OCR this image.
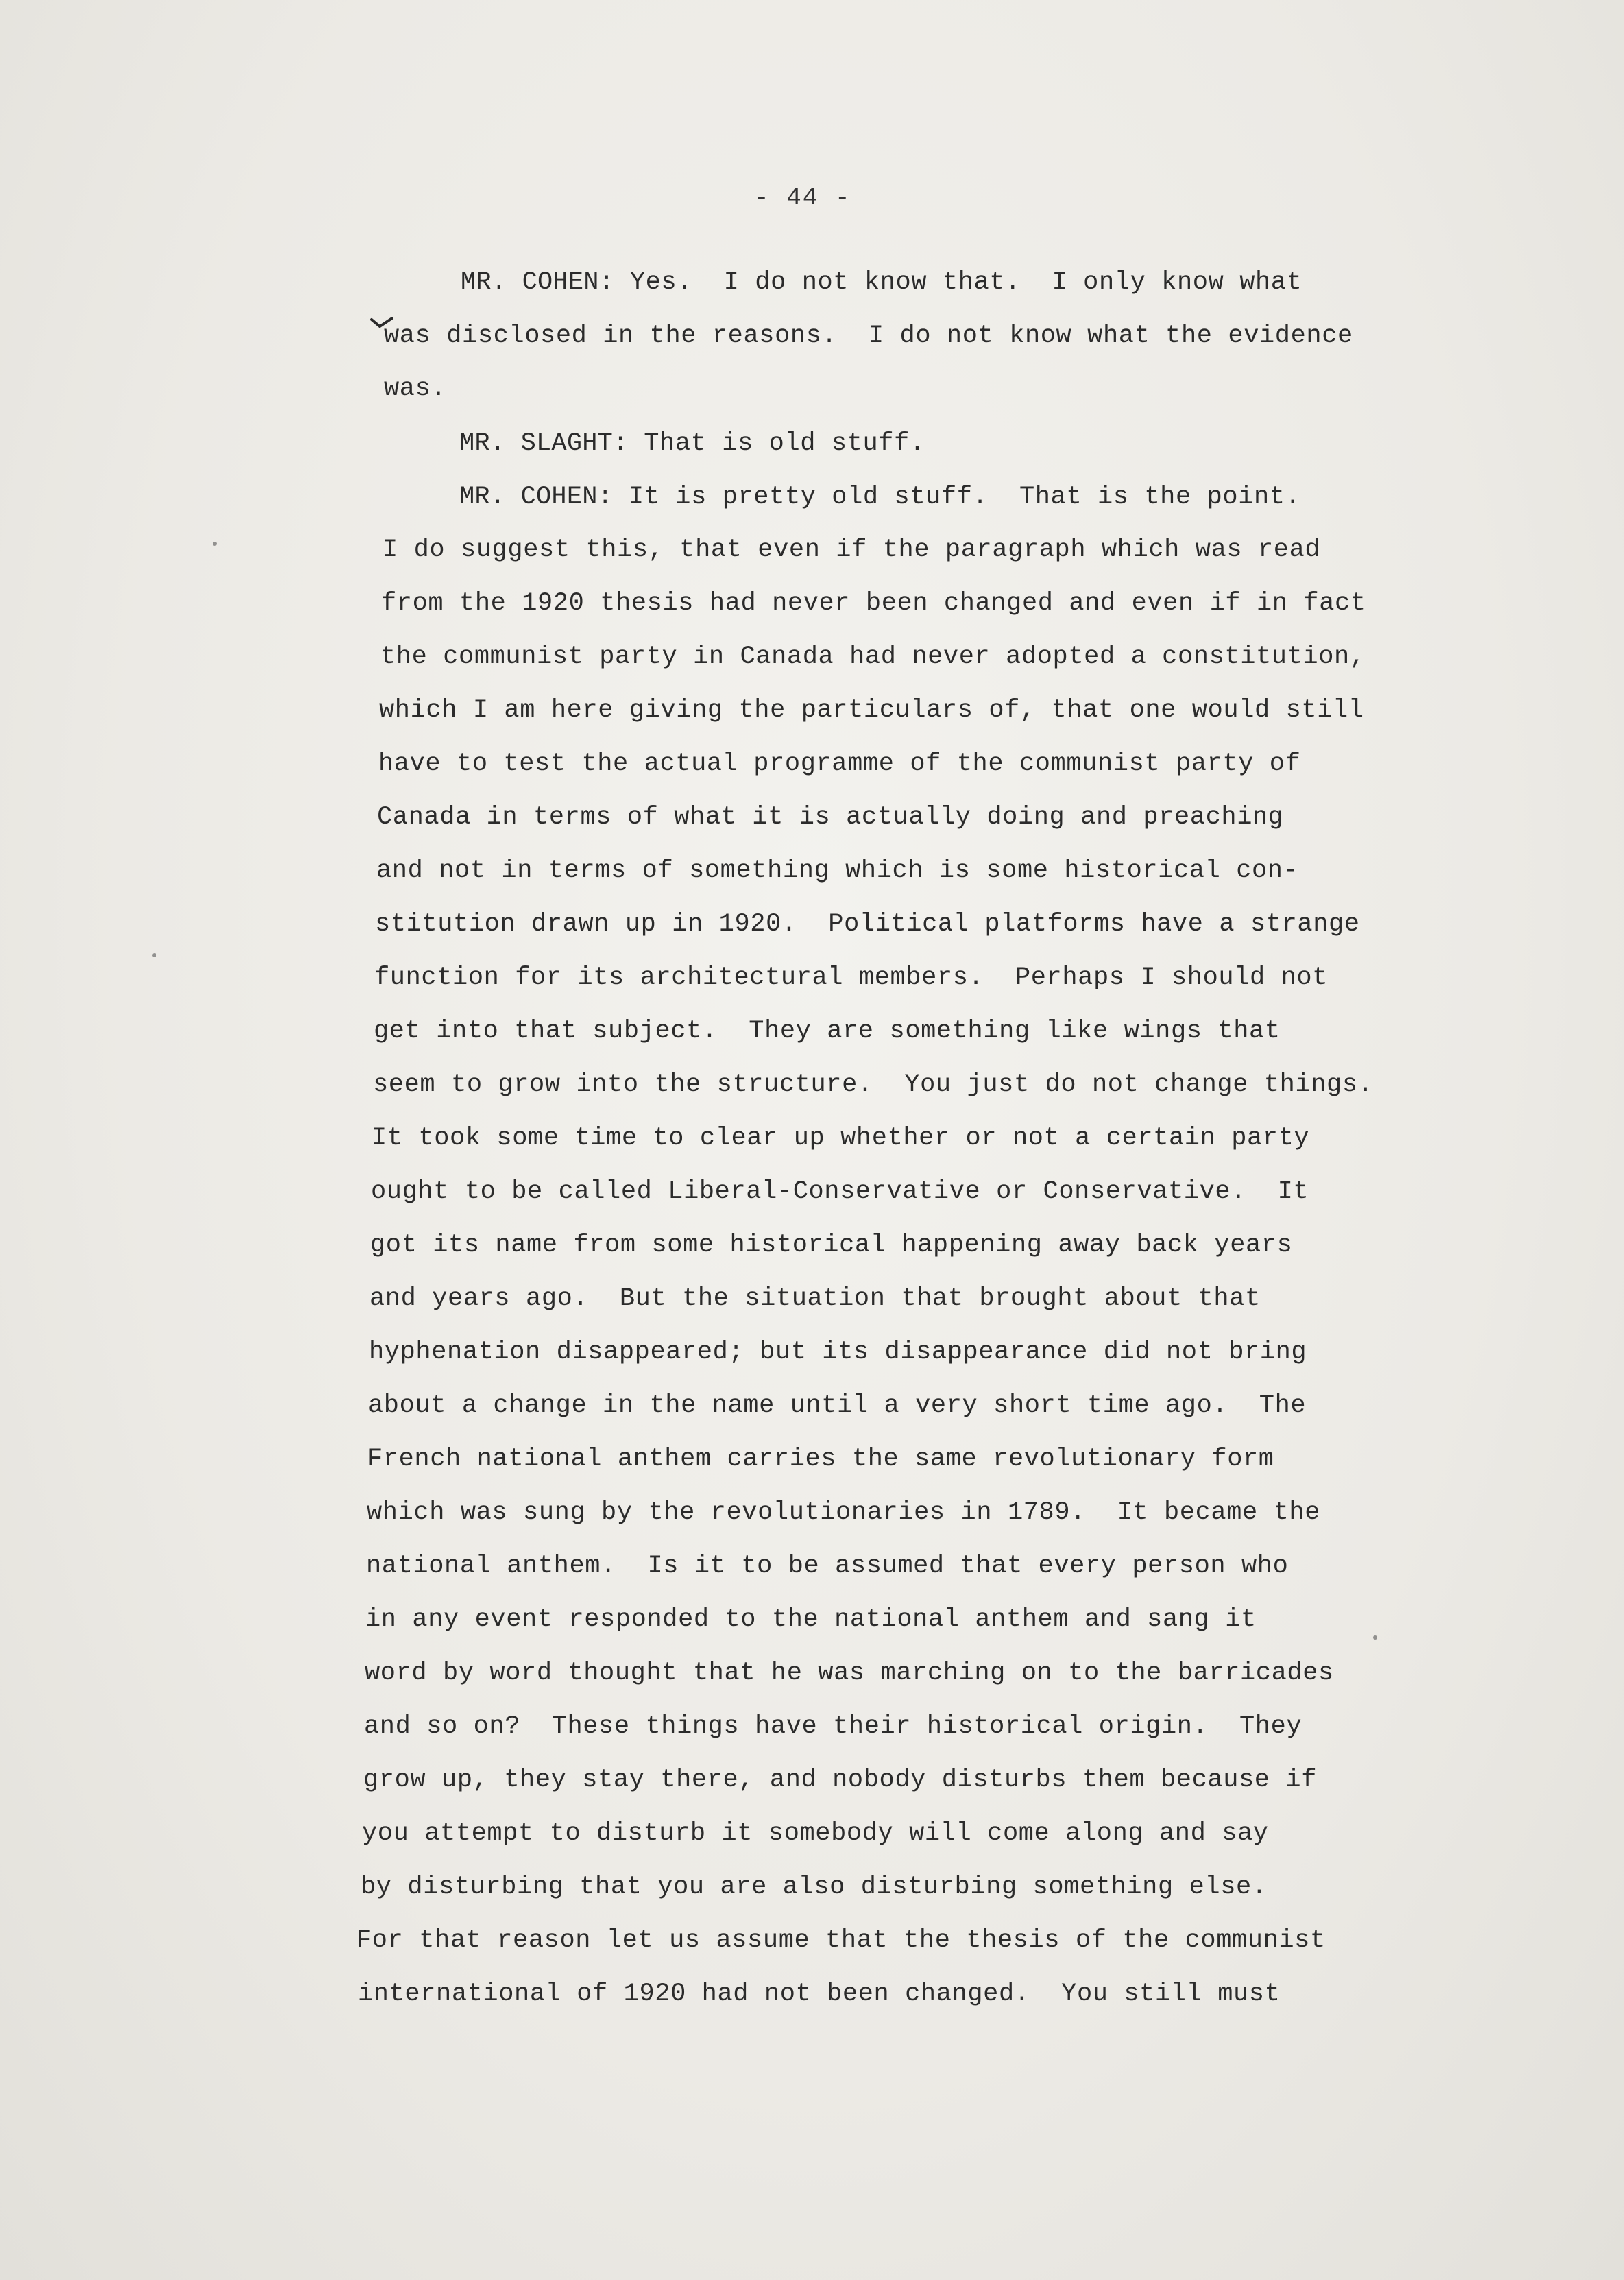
- 44 -
MR. COHEN: Yes.  I do not know that.  I only know what
was disclosed in the reasons.  I do not know what the evidence
was.
MR. SLAGHT: That is old stuff.
MR. COHEN: It is pretty old stuff.  That is the point.
I do suggest this, that even if the paragraph which was read
from the 1920 thesis had never been changed and even if in fact
the communist party in Canada had never adopted a constitution,
which I am here giving the particulars of, that one would still
have to test the actual programme of the communist party of
Canada in terms of what it is actually doing and preaching
and not in terms of something which is some historical con-
stitution drawn up in 1920.  Political platforms have a strange
function for its architectural members.  Perhaps I should not
get into that subject.  They are something like wings that
seem to grow into the structure.  You just do not change things.
It took some time to clear up whether or not a certain party
ought to be called Liberal-Conservative or Conservative.  It
got its name from some historical happening away back years
and years ago.  But the situation that brought about that
hyphenation disappeared; but its disappearance did not bring
about a change in the name until a very short time ago.  The
French national anthem carries the same revolutionary form
which was sung by the revolutionaries in 1789.  It became the
national anthem.  Is it to be assumed that every person who
in any event responded to the national anthem and sang it
word by word thought that he was marching on to the barricades
and so on?  These things have their historical origin.  They
grow up, they stay there, and nobody disturbs them because if
you attempt to disturb it somebody will come along and say
by disturbing that you are also disturbing something else.
For that reason let us assume that the thesis of the communist
international of 1920 had not been changed.  You still must
